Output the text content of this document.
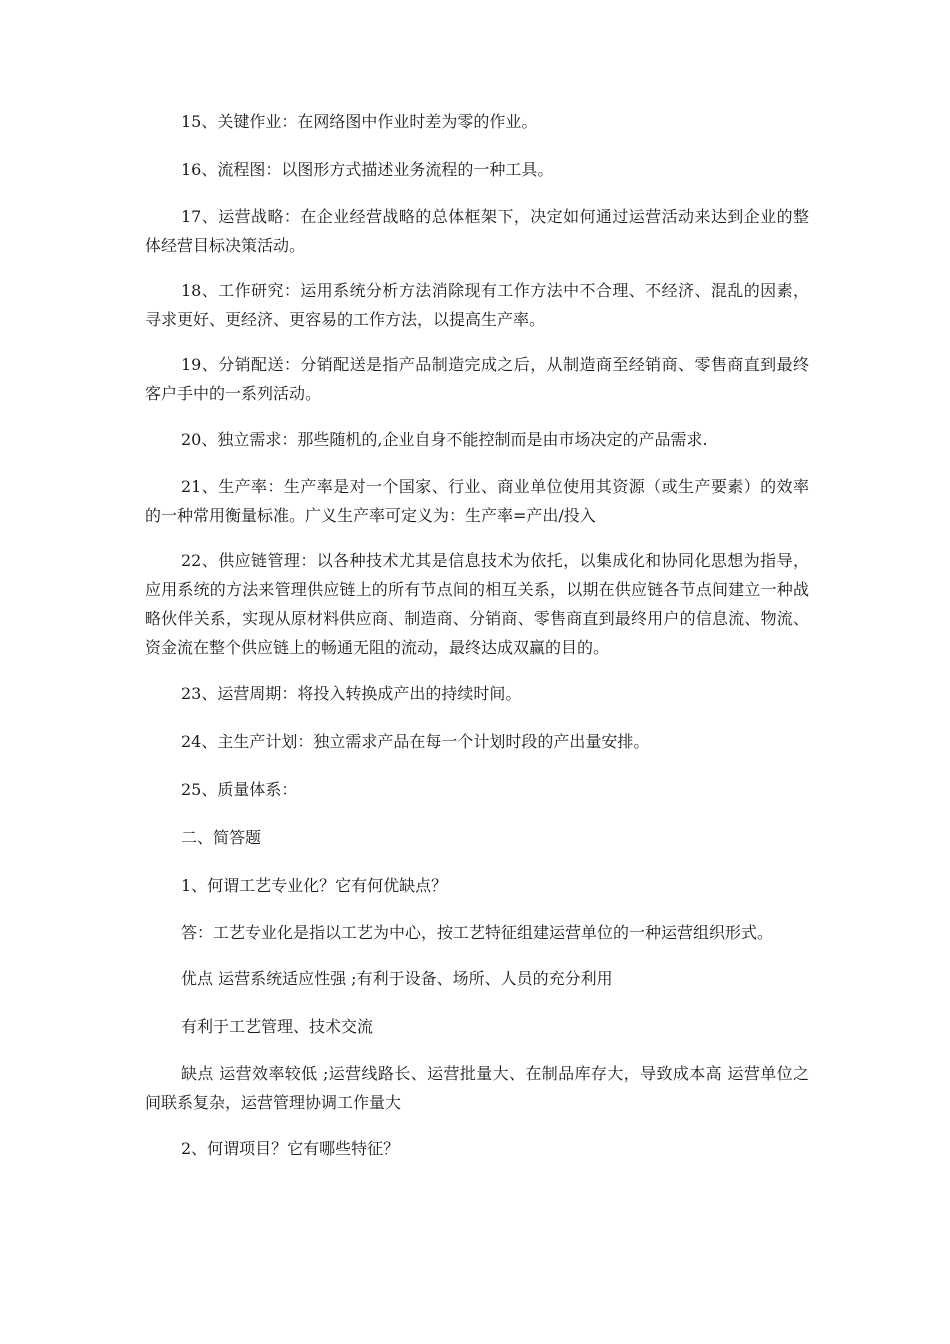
15、关键作业：在网络图中作业时差为零的作业。

16、流程图：以图形方式描述业务流程的一种工具。

17、运营战略：在企业经营战略的总体框架下，决定如何通过运营活动来达到企业的整体经营目标决策活动。

18、工作研究：运用系统分析方法消除现有工作方法中不合理、不经济、混乱的因素，寻求更好、更经济、更容易的工作方法，以提高生产率。

19、分销配送：分销配送是指产品制造完成之后，从制造商至经销商、零售商直到最终客户手中的一系列活动。

20、独立需求：那些随机的,企业自身不能控制而是由市场决定的产品需求.

21、生产率：生产率是对一个国家、行业、商业单位使用其资源（或生产要素）的效率的一种常用衡量标准。广义生产率可定义为：生产率=产出/投入

22、供应链管理：以各种技术尤其是信息技术为依托，以集成化和协同化思想为指导，应用系统的方法来管理供应链上的所有节点间的相互关系，以期在供应链各节点间建立一种战略伙伴关系，实现从原材料供应商、制造商、分销商、零售商直到最终用户的信息流、物流、资金流在整个供应链上的畅通无阻的流动，最终达成双赢的目的。

23、运营周期：将投入转换成产出的持续时间。

24、主生产计划：独立需求产品在每一个计划时段的产出量安排。

25、质量体系：

二、简答题

1、何谓工艺专业化？它有何优缺点？

答：工艺专业化是指以工艺为中心，按工艺特征组建运营单位的一种运营组织形式。

优点 运营系统适应性强 ;有利于设备、场所、人员的充分利用

有利于工艺管理、技术交流

缺点 运营效率较低 ;运营线路长、运营批量大、在制品库存大，导致成本高 运营单位之间联系复杂，运营管理协调工作量大

2、何谓项目？它有哪些特征？
